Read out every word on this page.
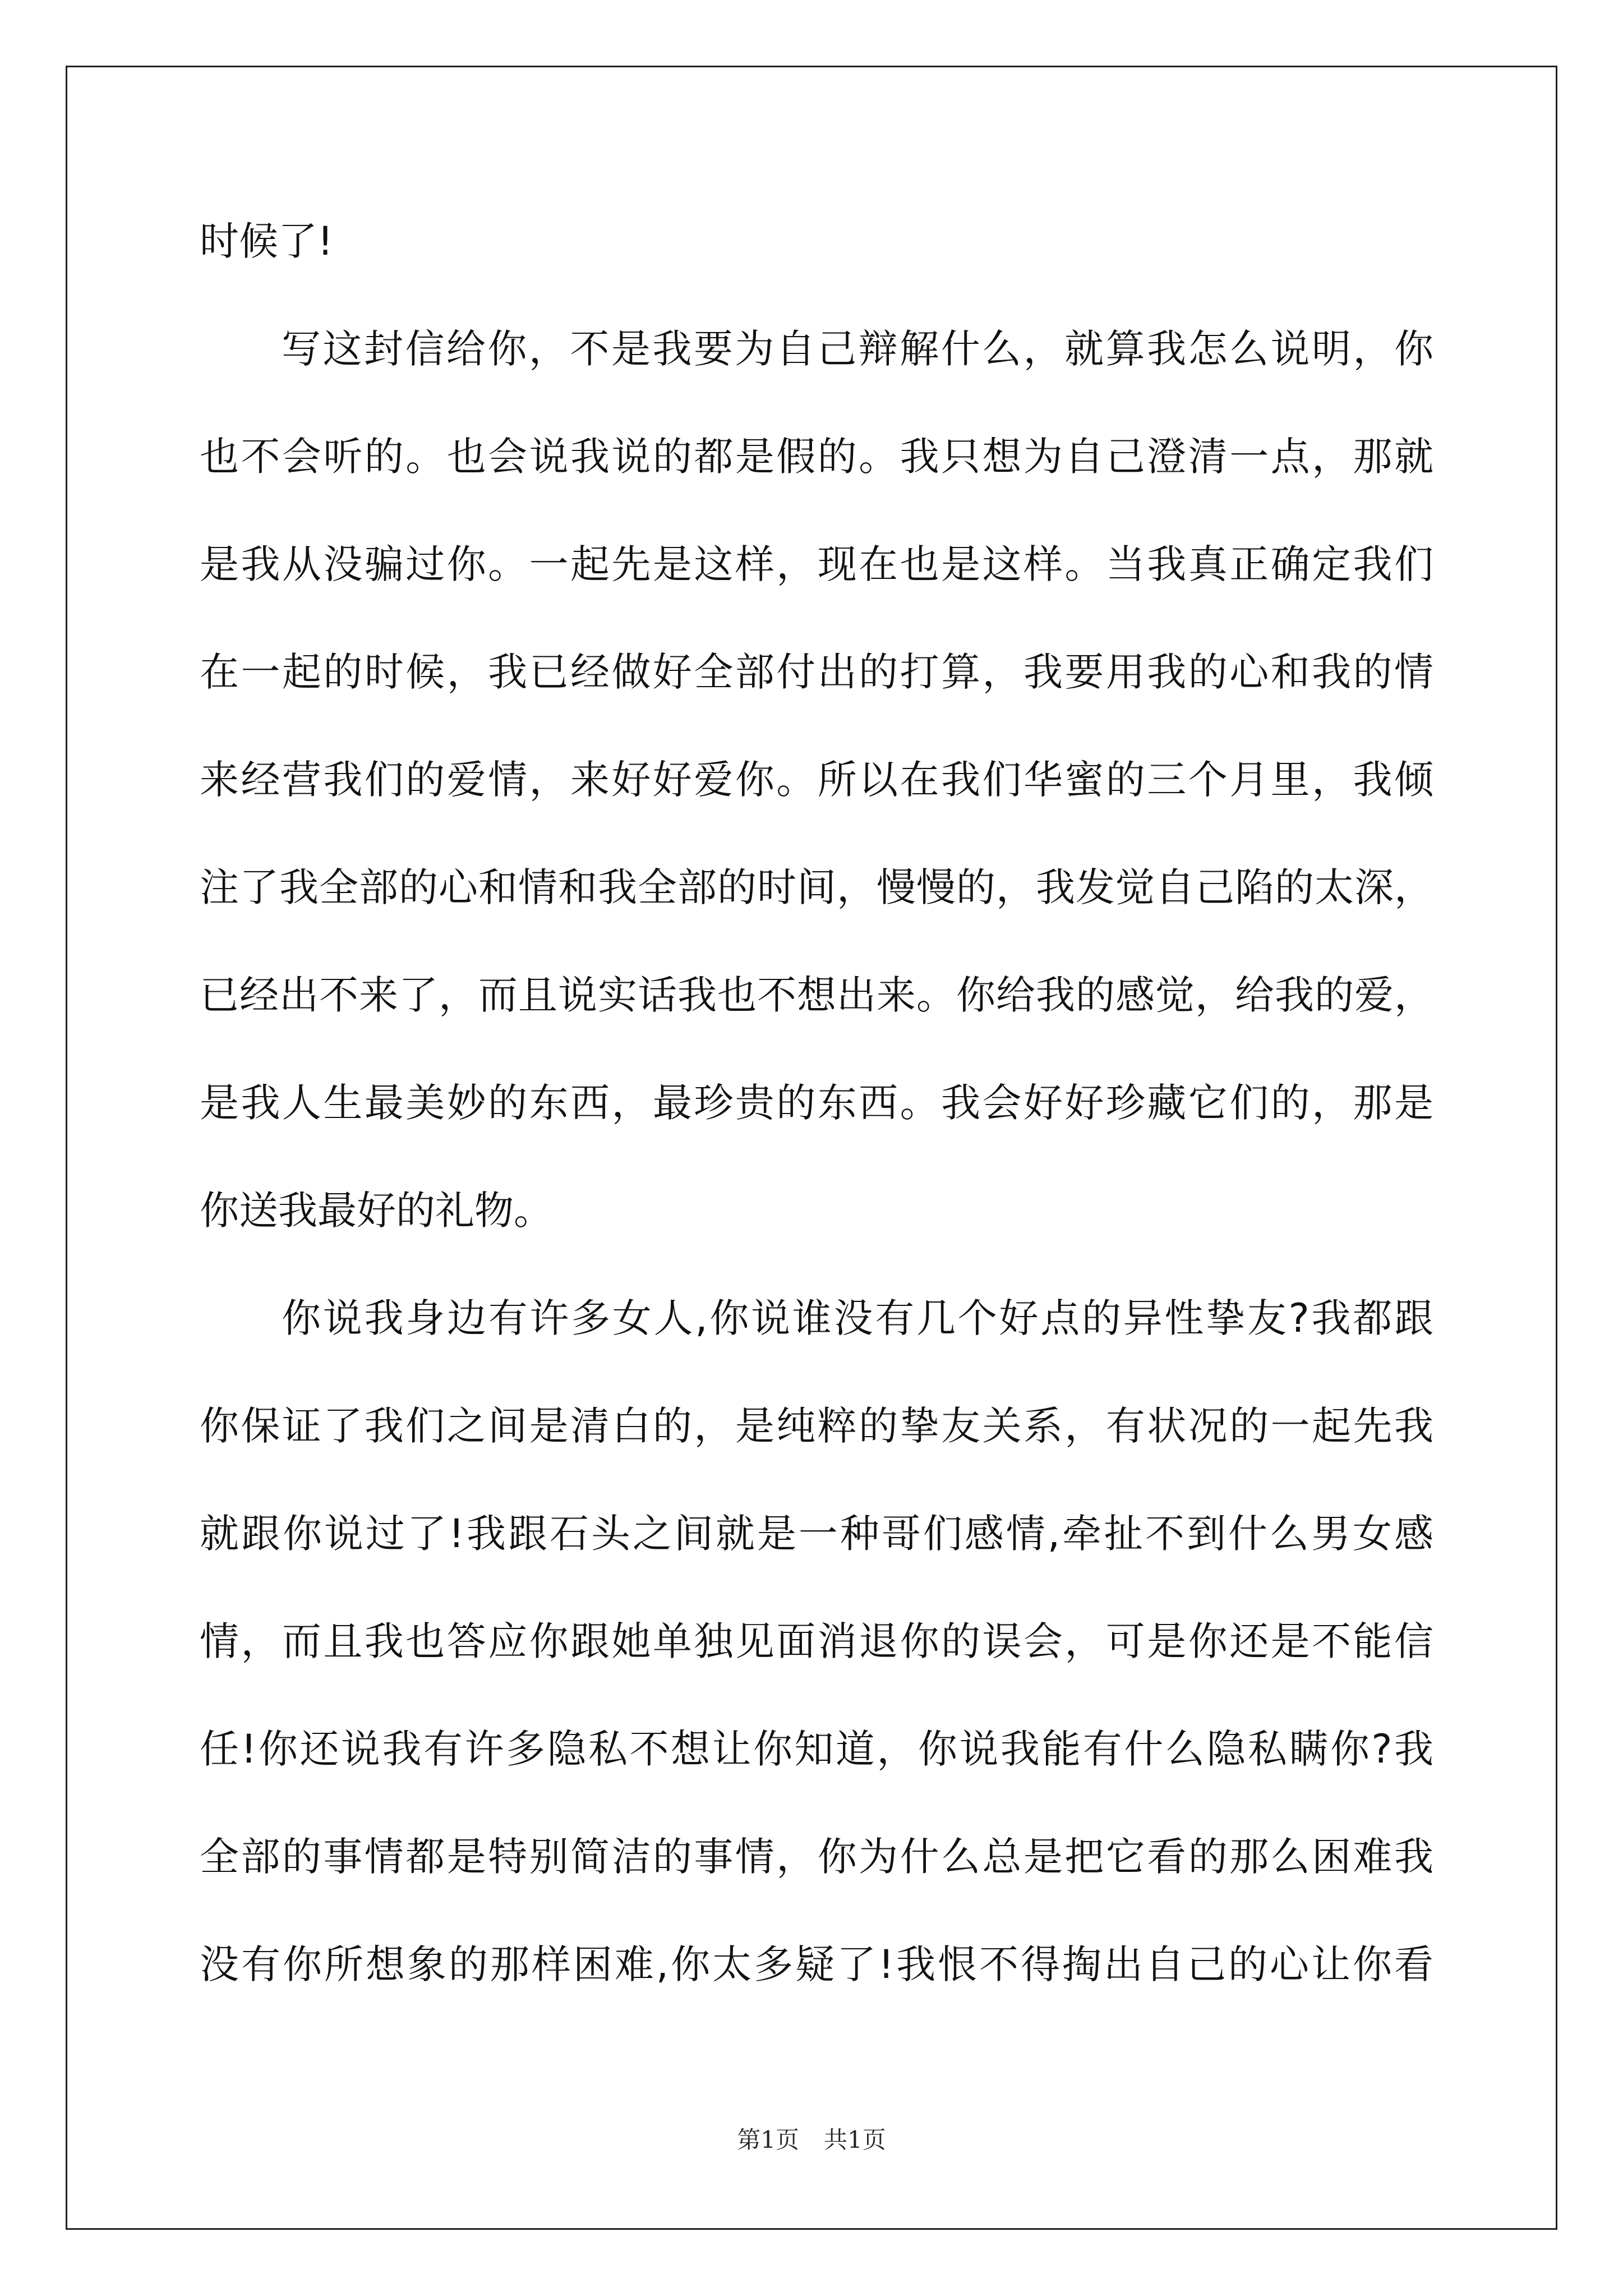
时候了!
写这封信给你，不是我要为自己辩解什么，就算我怎么说明，你
也不会听的。也会说我说的都是假的。我只想为自己澄清一点，那就
是我从没骗过你。一起先是这样，现在也是这样。当我真正确定我们
在一起的时候，我已经做好全部付出的打算，我要用我的心和我的情
来经营我们的爱情，来好好爱你。所以在我们华蜜的三个月里，我倾
注了我全部的心和情和我全部的时间，慢慢的，我发觉自己陷的太深，
已经出不来了，而且说实话我也不想出来。你给我的感觉，给我的爱，
是我人生最美妙的东西，最珍贵的东西。我会好好珍藏它们的，那是
你送我最好的礼物。
你说我身边有许多女人,你说谁没有几个好点的异性挚友?我都跟
你保证了我们之间是清白的，是纯粹的挚友关系，有状况的一起先我
就跟你说过了!我跟石头之间就是一种哥们感情,牵扯不到什么男女感
情，而且我也答应你跟她单独见面消退你的误会，可是你还是不能信
任!你还说我有许多隐私不想让你知道，你说我能有什么隐私瞒你?我
全部的事情都是特别简洁的事情，你为什么总是把它看的那么困难我
没有你所想象的那样困难,你太多疑了!我恨不得掏出自己的心让你看
第1页 共1页
